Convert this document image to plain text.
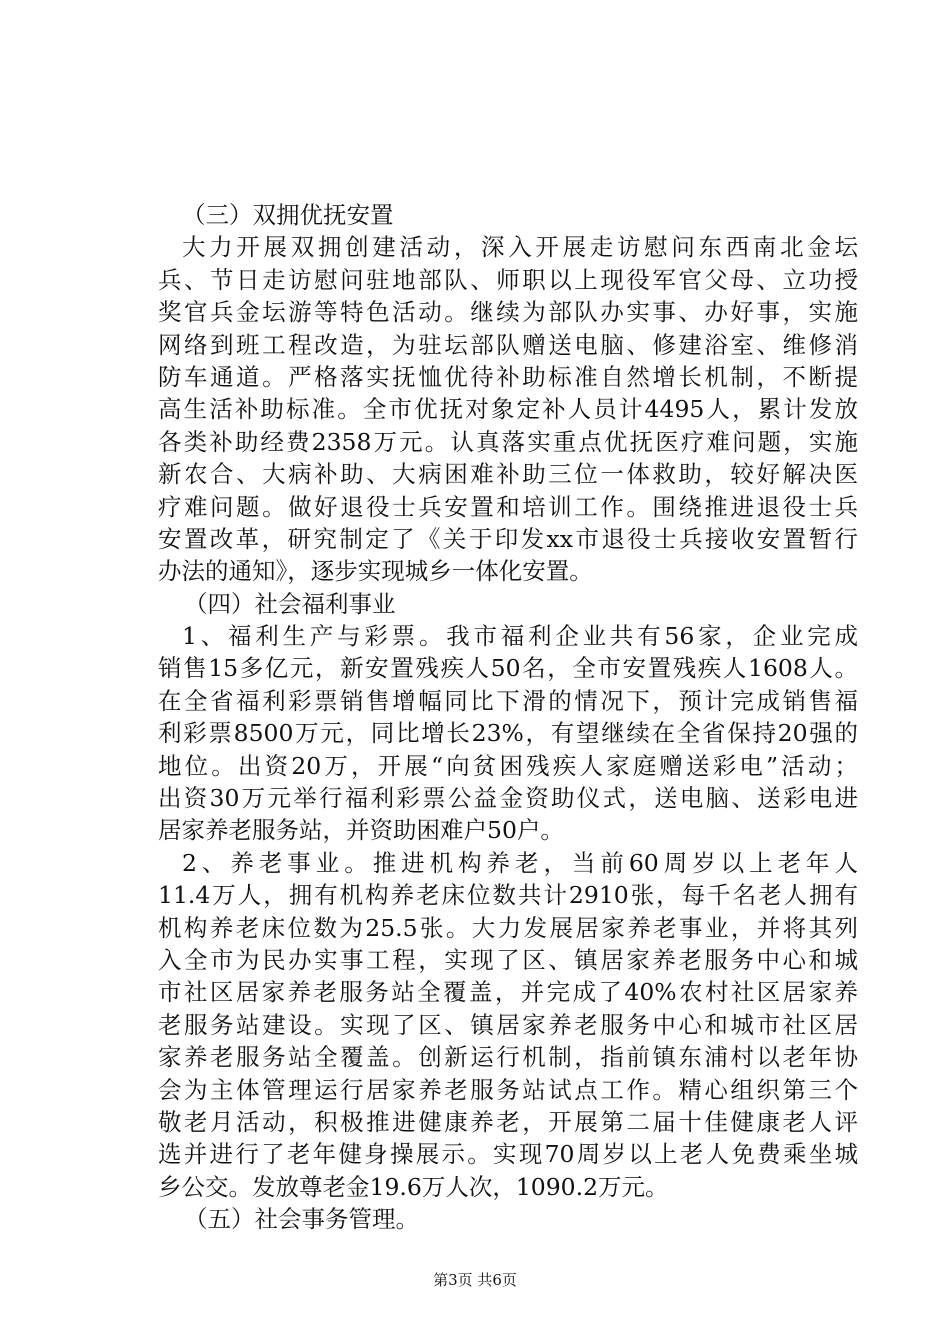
（三）双拥优抚安置
大力开展双拥创建活动，深入开展走访慰问东西南北金坛
兵、节日走访慰问驻地部队、师职以上现役军官父母、立功授
奖官兵金坛游等特色活动。继续为部队办实事、办好事，实施
网络到班工程改造，为驻坛部队赠送电脑、修建浴室、维修消
防车通道。严格落实抚恤优待补助标准自然增长机制，不断提
高生活补助标准。全市优抚对象定补人员计4495人，累计发放
各类补助经费2358万元。认真落实重点优抚医疗难问题，实施
新农合、大病补助、大病困难补助三位一体救助，较好解决医
疗难问题。做好退役士兵安置和培训工作。围绕推进退役士兵
安置改革，研究制定了《关于印发xx市退役士兵接收安置暂行
办法的通知》，逐步实现城乡一体化安置。
（四）社会福利事业
1、福利生产与彩票。我市福利企业共有56家，企业完成
销售15多亿元，新安置残疾人50名，全市安置残疾人1608人。
在全省福利彩票销售增幅同比下滑的情况下，预计完成销售福
利彩票8500万元，同比增长23%，有望继续在全省保持20强的
地位。出资20万，开展“向贫困残疾人家庭赠送彩电”活动；
出资30万元举行福利彩票公益金资助仪式，送电脑、送彩电进
居家养老服务站，并资助困难户50户。
2、养老事业。推进机构养老，当前60周岁以上老年人
11.4万人，拥有机构养老床位数共计2910张，每千名老人拥有
机构养老床位数为25.5张。大力发展居家养老事业，并将其列
入全市为民办实事工程，实现了区、镇居家养老服务中心和城
市社区居家养老服务站全覆盖，并完成了40%农村社区居家养
老服务站建设。实现了区、镇居家养老服务中心和城市社区居
家养老服务站全覆盖。创新运行机制，指前镇东浦村以老年协
会为主体管理运行居家养老服务站试点工作。精心组织第三个
敬老月活动，积极推进健康养老，开展第二届十佳健康老人评
选并进行了老年健身操展示。实现70周岁以上老人免费乘坐城
乡公交。发放尊老金19.6万人次，1090.2万元。
（五）社会事务管理。
第3页 共6页
